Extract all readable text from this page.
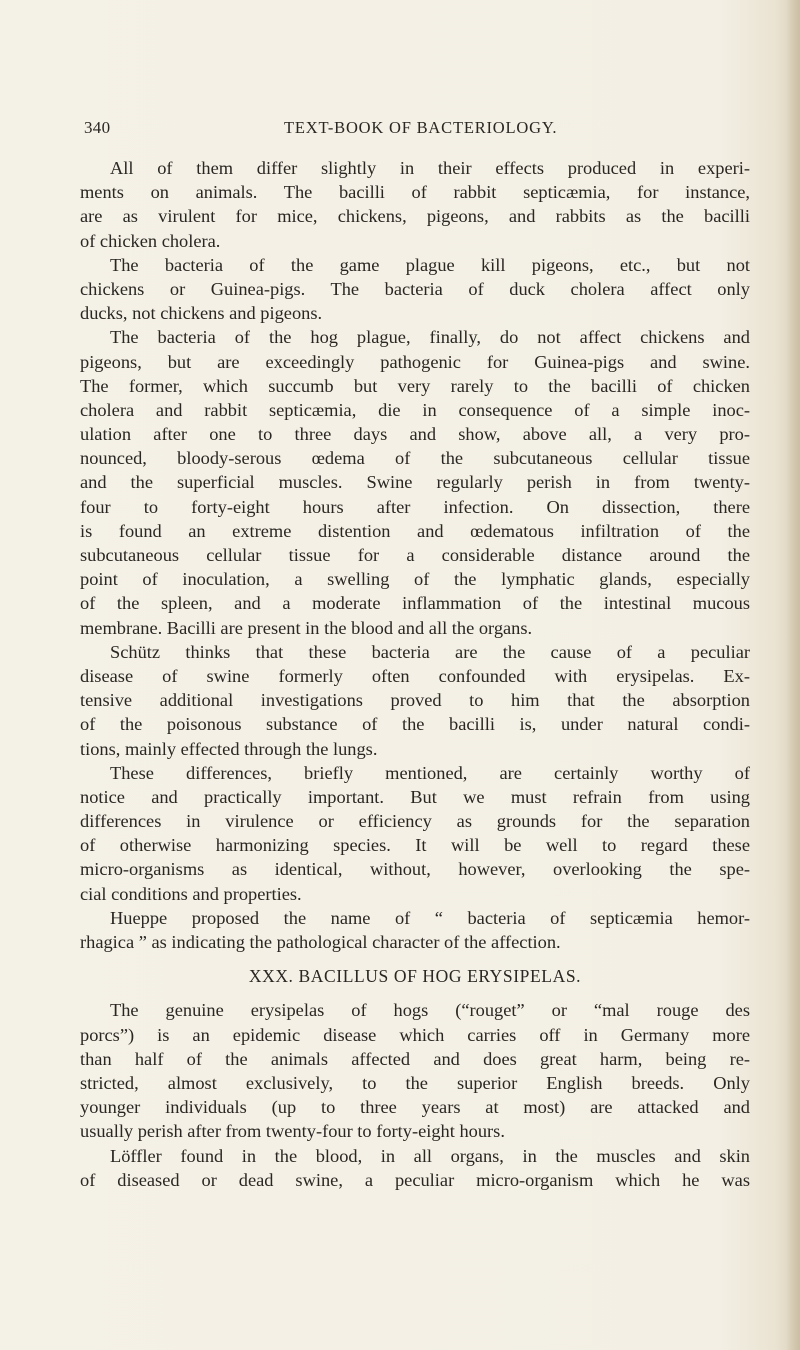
340	TEXT-BOOK OF BACTERIOLOGY.
All of them differ slightly in their effects produced in experi-
ments on animals. The bacilli of rabbit septicæmia, for instance,
are as virulent for mice, chickens, pigeons, and rabbits as the bacilli
of chicken cholera.
The bacteria of the game plague kill pigeons, etc., but not
chickens or Guinea-pigs. The bacteria of duck cholera affect only
ducks, not chickens and pigeons.
The bacteria of the hog plague, finally, do not affect chickens and
pigeons, but are exceedingly pathogenic for Guinea-pigs and swine.
The former, which succumb but very rarely to the bacilli of chicken
cholera and rabbit septicæmia, die in consequence of a simple inoc-
ulation after one to three days and show, above all, a very pro-
nounced, bloody-serous œdema of the subcutaneous cellular tissue
and the superficial muscles. Swine regularly perish in from twenty-
four to forty-eight hours after infection. On dissection, there
is found an extreme distention and œdematous infiltration of the
subcutaneous cellular tissue for a considerable distance around the
point of inoculation, a swelling of the lymphatic glands, especially
of the spleen, and a moderate inflammation of the intestinal mucous
membrane. Bacilli are present in the blood and all the organs.
Schütz thinks that these bacteria are the cause of a peculiar
disease of swine formerly often confounded with erysipelas. Ex-
tensive additional investigations proved to him that the absorption
of the poisonous substance of the bacilli is, under natural condi-
tions, mainly effected through the lungs.
These differences, briefly mentioned, are certainly worthy of
notice and practically important. But we must refrain from using
differences in virulence or efficiency as grounds for the separation
of otherwise harmonizing species. It will be well to regard these
micro-organisms as identical, without, however, overlooking the spe-
cial conditions and properties.
Hueppe proposed the name of “ bacteria of septicæmia hemor-
rhagica ” as indicating the pathological character of the affection.
XXX. BACILLUS OF HOG ERYSIPELAS.
The genuine erysipelas of hogs (“rouget” or “mal rouge des
porcs”) is an epidemic disease which carries off in Germany more
than half of the animals affected and does great harm, being re-
stricted, almost exclusively, to the superior English breeds. Only
younger individuals (up to three years at most) are attacked and
usually perish after from twenty-four to forty-eight hours.
Löffler found in the blood, in all organs, in the muscles and skin
of diseased or dead swine, a peculiar micro-organism which he was
